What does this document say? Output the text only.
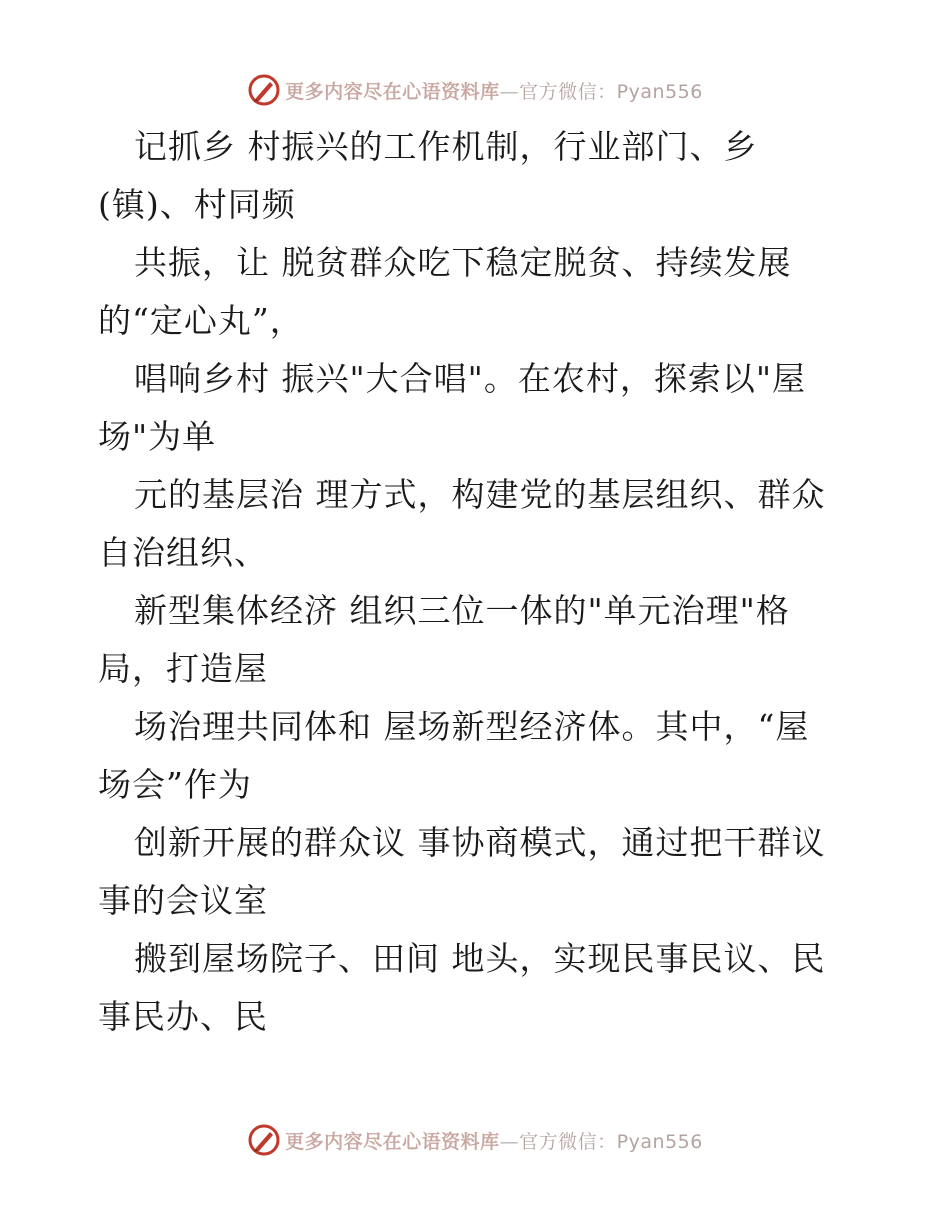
更多内容尽在心语资料库—官方微信：Pyan556
记抓乡 村振兴的工作机制，行业部门、乡
(镇)、村同频
共振，让 脱贫群众吃下稳定脱贫、持续发展
的“定心丸”，
唱响乡村 振兴"大合唱"。在农村，探索以"屋
场"为单
元的基层治 理方式，构建党的基层组织、群众
自治组织、
新型集体经济 组织三位一体的"单元治理"格
局，打造屋
场治理共同体和 屋场新型经济体。其中，“屋
场会”作为
创新开展的群众议 事协商模式，通过把干群议
事的会议室
搬到屋场院子、田间 地头，实现民事民议、民
事民办、民
更多内容尽在心语资料库—官方微信：Pyan556
